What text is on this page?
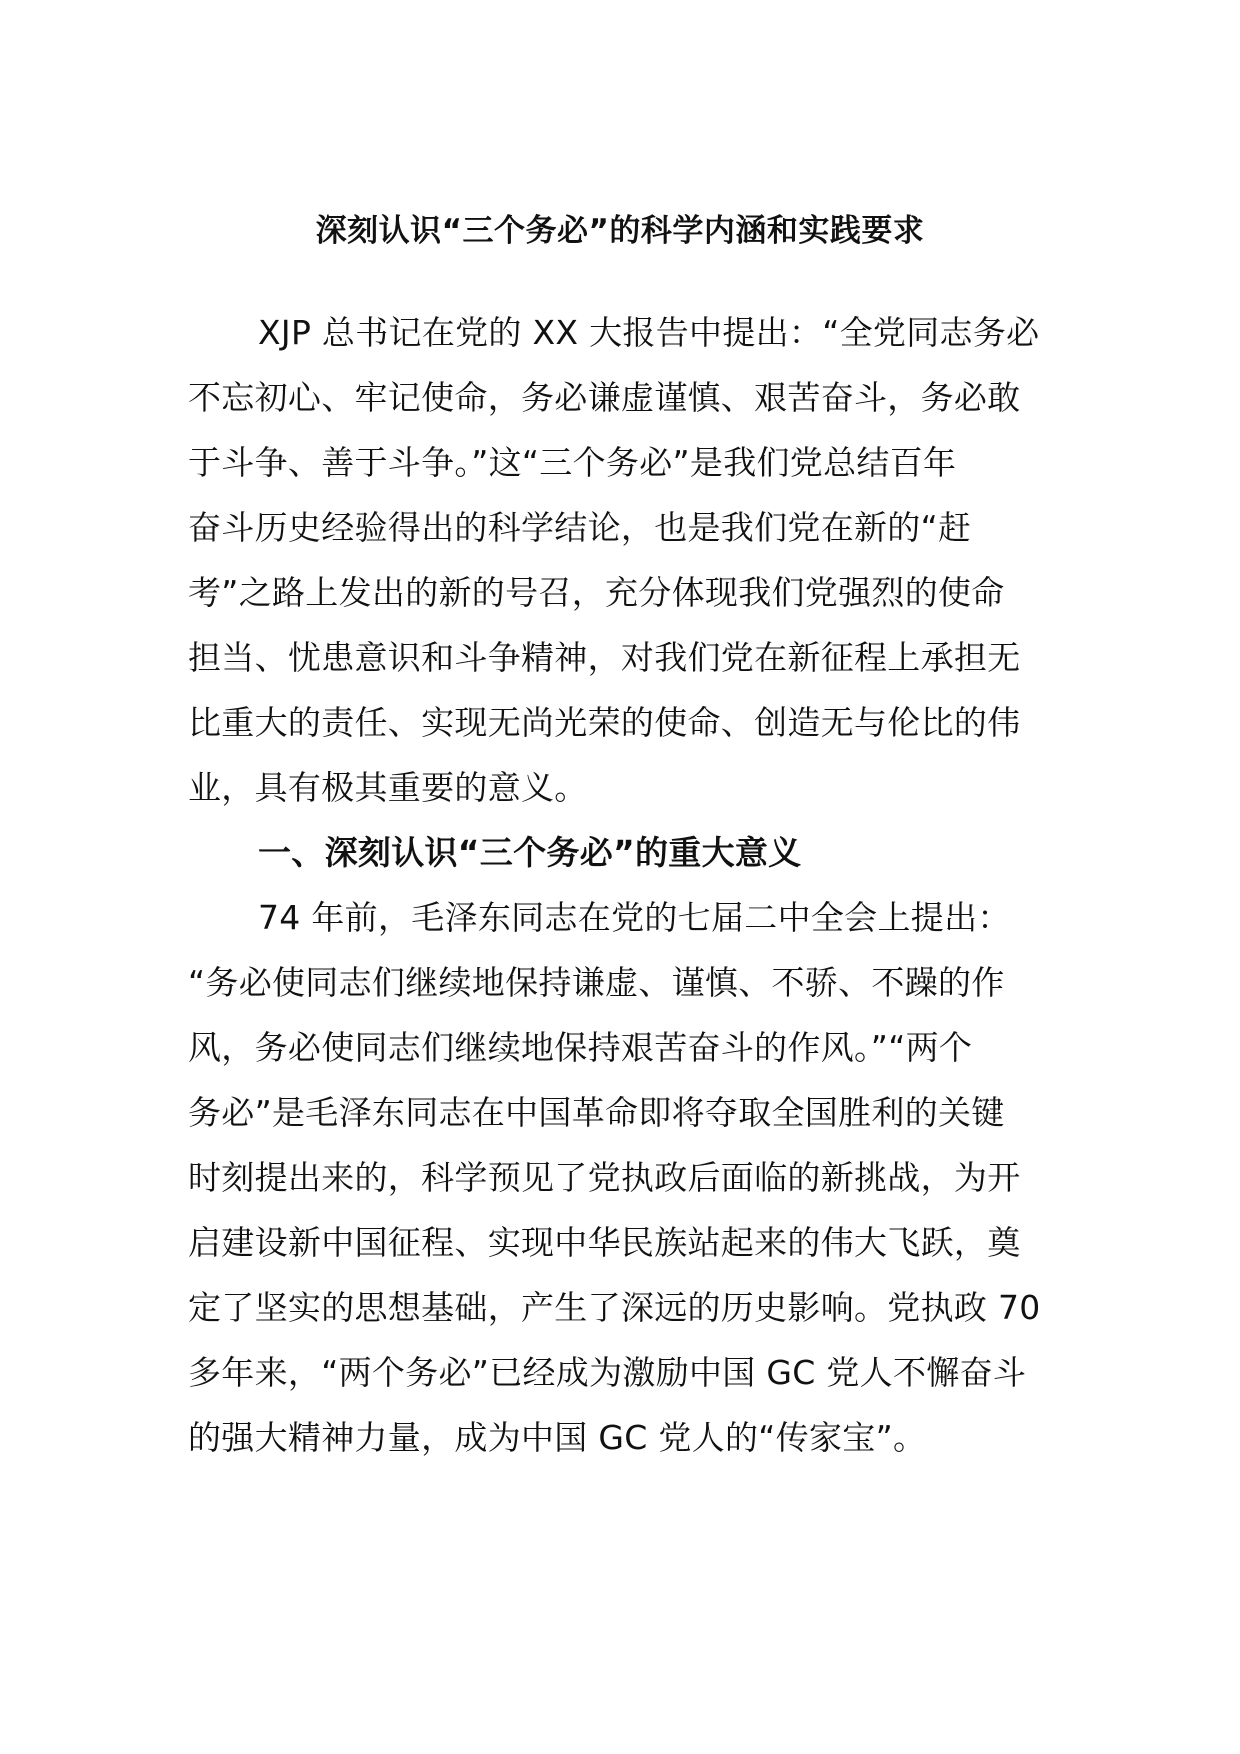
深刻认识“三个务必”的科学内涵和实践要求
XJP 总书记在党的 XX 大报告中提出：“全党同志务必
不忘初心、牢记使命，务必谦虚谨慎、艰苦奋斗，务必敢
于斗争、善于斗争。”这“三个务必”是我们党总结百年
奋斗历史经验得出的科学结论，也是我们党在新的“赶
考”之路上发出的新的号召，充分体现我们党强烈的使命
担当、忧患意识和斗争精神，对我们党在新征程上承担无
比重大的责任、实现无尚光荣的使命、创造无与伦比的伟
业，具有极其重要的意义。
一、深刻认识“三个务必”的重大意义
74 年前，毛泽东同志在党的七届二中全会上提出：
“务必使同志们继续地保持谦虚、谨慎、不骄、不躁的作
风，务必使同志们继续地保持艰苦奋斗的作风。”“两个
务必”是毛泽东同志在中国革命即将夺取全国胜利的关键
时刻提出来的，科学预见了党执政后面临的新挑战，为开
启建设新中国征程、实现中华民族站起来的伟大飞跃，奠
定了坚实的思想基础，产生了深远的历史影响。党执政 70
多年来，“两个务必”已经成为激励中国 GC 党人不懈奋斗
的强大精神力量，成为中国 GC 党人的“传家宝”。
